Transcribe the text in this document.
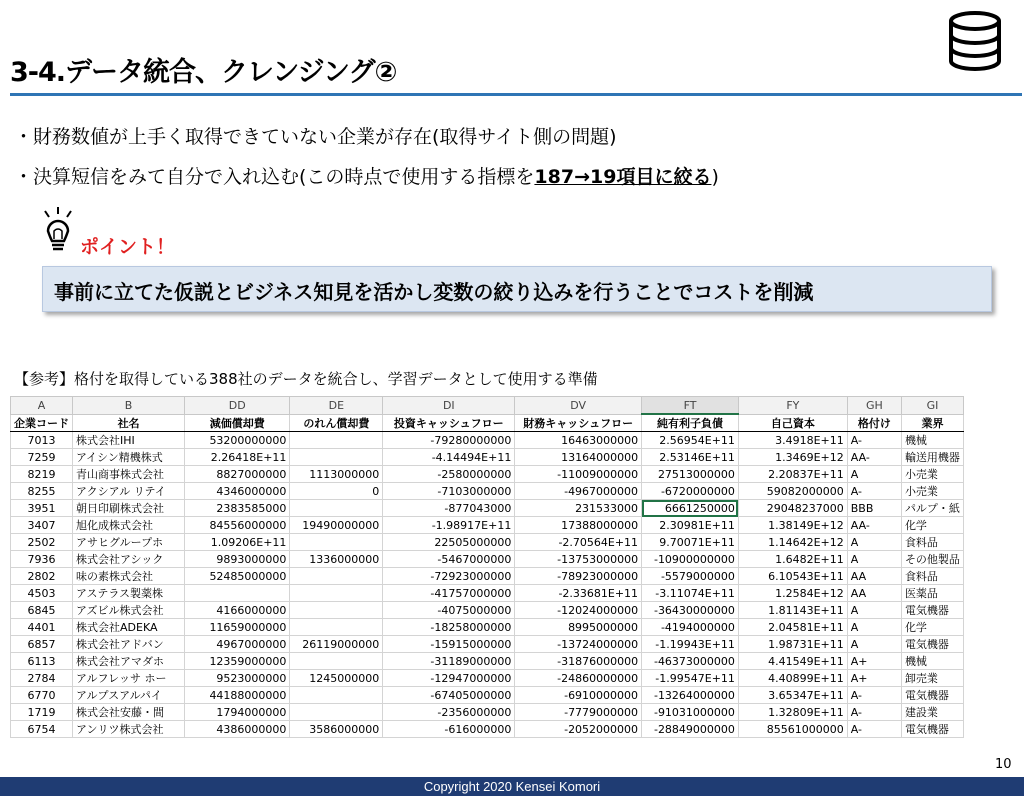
3-4.データ統合、クレンジング②
・財務数値が上手く取得できていない企業が存在(取得サイト側の問題)
・決算短信をみて自分で入れ込む(この時点で使用する指標を187→19項目に絞る)
ポイント！
事前に立てた仮説とビジネス知見を活かし変数の絞り込みを行うことでコストを削減
【参考】格付を取得している388社のデータを統合し、学習データとして使用する準備
A	B	DD	DE	DI	DV	FT	FY	GH	GI
企業コード	社名	減価償却費	のれん償却費	投資キャッシュフロー	財務キャッシュフロー	純有利子負債	自己資本	格付け	業界
7013	株式会社IHI	53200000000		-79280000000	16463000000	2.56954E+11	3.4918E+11	A-	機械
7259	アイシン精機株式	2.26418E+11		-4.14494E+11	13164000000	2.53146E+11	1.3469E+12	AA-	輸送用機器
8219	青山商事株式会社	8827000000	1113000000	-2580000000	-11009000000	27513000000	2.20837E+11	A	小売業
8255	アクシアル リテイ	4346000000	0	-7103000000	-4967000000	-6720000000	59082000000	A-	小売業
3951	朝日印刷株式会社	2383585000		-877043000	231533000	6661250000	29048237000	BBB	パルプ・紙
3407	旭化成株式会社	84556000000	19490000000	-1.98917E+11	17388000000	2.30981E+11	1.38149E+12	AA-	化学
2502	アサヒグループホ	1.09206E+11		22505000000	-2.70564E+11	9.70071E+11	1.14642E+12	A	食料品
7936	株式会社アシック	9893000000	1336000000	-5467000000	-13753000000	-10900000000	1.6482E+11	A	その他製品
2802	味の素株式会社	52485000000		-72923000000	-78923000000	-5579000000	6.10543E+11	AA	食料品
4503	アステラス製薬株			-41757000000	-2.33681E+11	-3.11074E+11	1.2584E+12	AA	医薬品
6845	アズビル株式会社	4166000000		-4075000000	-12024000000	-36430000000	1.81143E+11	A	電気機器
4401	株式会社ADEKA	11659000000		-18258000000	8995000000	-4194000000	2.04581E+11	A	化学
6857	株式会社アドバン	4967000000	26119000000	-15915000000	-13724000000	-1.19943E+11	1.98731E+11	A	電気機器
6113	株式会社アマダホ	12359000000		-31189000000	-31876000000	-46373000000	4.41549E+11	A+	機械
2784	アルフレッサ ホー	9523000000	1245000000	-12947000000	-24860000000	-1.99547E+11	4.40899E+11	A+	卸売業
6770	アルプスアルパイ	44188000000		-67405000000	-6910000000	-13264000000	3.65347E+11	A-	電気機器
1719	株式会社安藤・間	1794000000		-2356000000	-7779000000	-91031000000	1.32809E+11	A-	建設業
6754	アンリツ株式会社	4386000000	3586000000	-616000000	-2052000000	-28849000000	85561000000	A-	電気機器
10
Copyright 2020 Kensei Komori
